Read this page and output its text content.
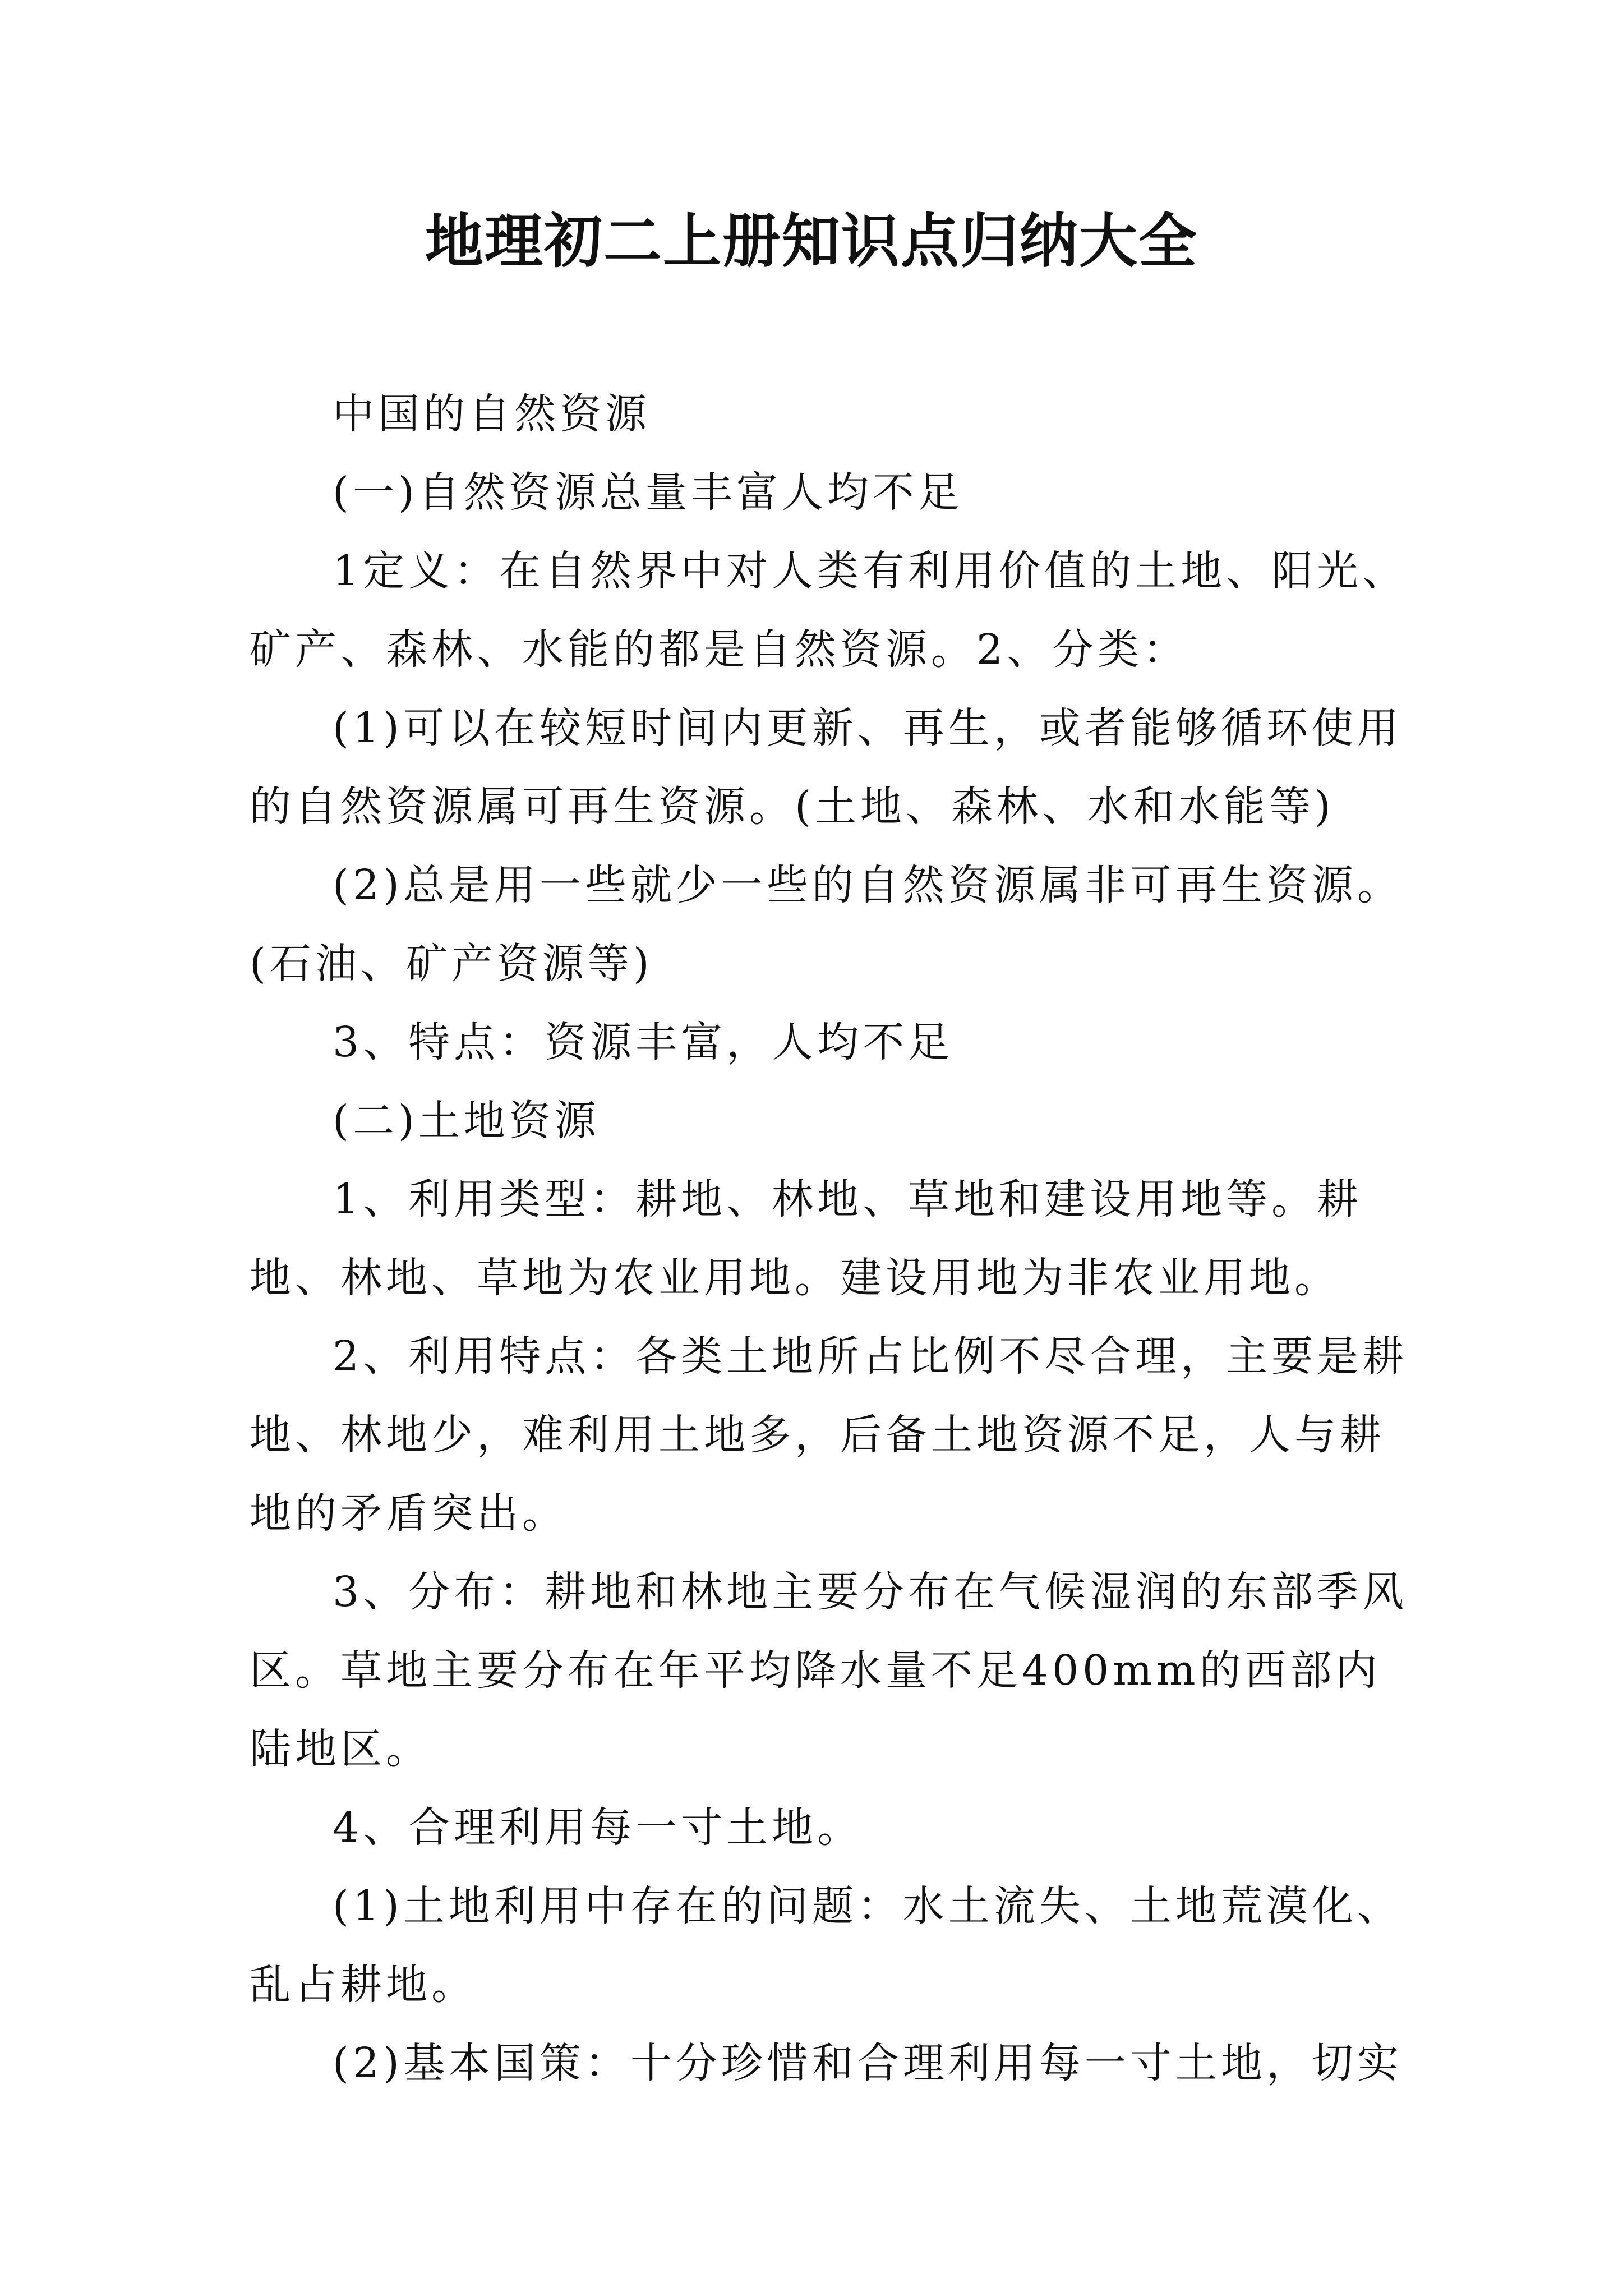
地理初二上册知识点归纳大全

中国的自然资源

(一)自然资源总量丰富人均不足

1定义：在自然界中对人类有利用价值的土地、阳光、矿产、森林、水能的都是自然资源。2、分类：

(1)可以在较短时间内更新、再生，或者能够循环使用的自然资源属可再生资源。(土地、森林、水和水能等)

(2)总是用一些就少一些的自然资源属非可再生资源。(石油、矿产资源等)

3、特点：资源丰富，人均不足

(二)土地资源

1、利用类型：耕地、林地、草地和建设用地等。耕地、林地、草地为农业用地。建设用地为非农业用地。

2、利用特点：各类土地所占比例不尽合理，主要是耕地、林地少，难利用土地多，后备土地资源不足，人与耕地的矛盾突出。

3、分布：耕地和林地主要分布在气候湿润的东部季风区。草地主要分布在年平均降水量不足400mm的西部内陆地区。

4、合理利用每一寸土地。

(1)土地利用中存在的问题：水土流失、土地荒漠化、乱占耕地。

(2)基本国策：十分珍惜和合理利用每一寸土地，切实
